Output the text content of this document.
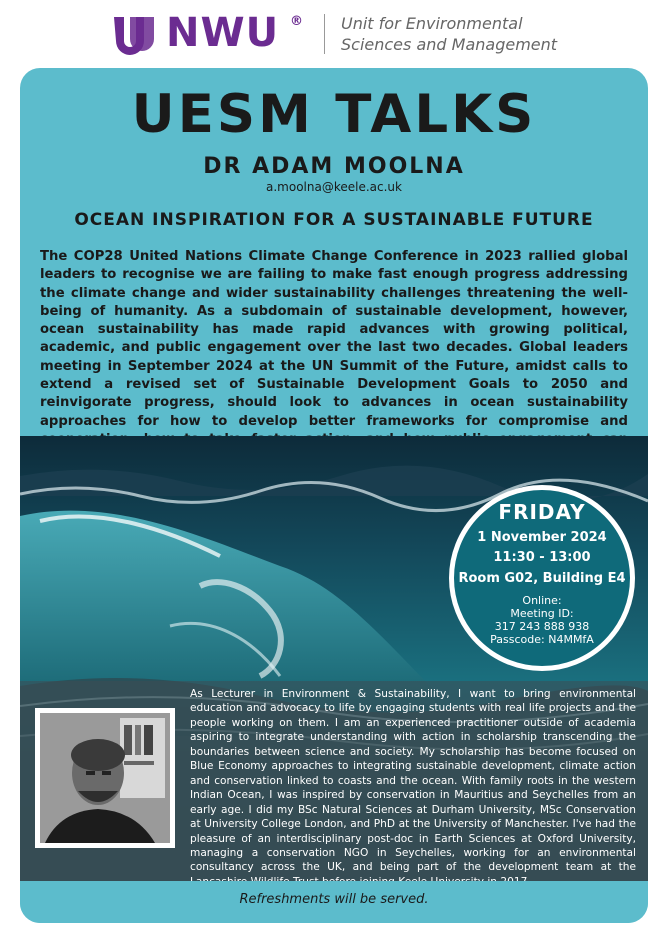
NWU ® Unit for Environmental
Sciences and Management
UESM TALKS
DR ADAM MOOLNA
a.moolna@keele.ac.uk
OCEAN INSPIRATION FOR A SUSTAINABLE FUTURE
The COP28 United Nations Climate Change Conference in 2023 rallied global leaders to recognise we are failing to make fast enough progress addressing the climate change and wider sustainability challenges threatening the well-being of humanity. As a subdomain of sustainable development, however, ocean sustainability has made rapid advances with growing political, academic, and public engagement over the last two decades. Global leaders meeting in September 2024 at the UN Summit of the Future, amidst calls to extend a revised set of Sustainable Development Goals to 2050 and reinvigorate progress, should look to advances in ocean sustainability approaches for how to develop better frameworks for compromise and
FRIDAY
1 November 2024
11:30 - 13:00
Room G02, Building E4
Online:
Meeting ID:
317 243 888 938
Passcode: N4MMfA
As Lecturer in Environment & Sustainability, I want to bring environmental education and advocacy to life by engaging students with real life projects and the people working on them. I am an experienced practitioner outside of academia aspiring to integrate understanding with action in scholarship transcending the boundaries between science and society. My scholarship has become focused on Blue Economy approaches to integrating sustainable development, climate action and conservation linked to coasts and the ocean. With family roots in the western Indian Ocean, I was inspired by conservation in Mauritius and Seychelles from an early age. I did my BSc Natural Sciences at Durham University, MSc Conservation at University College London, and PhD at the University of Manchester. I've had the pleasure of an interdisciplinary post-doc in Earth Sciences at Oxford University, managing a conservation NGO in Seychelles, working for an environmental consultancy across the UK, and being part of the development team at the
Refreshments will be served.
